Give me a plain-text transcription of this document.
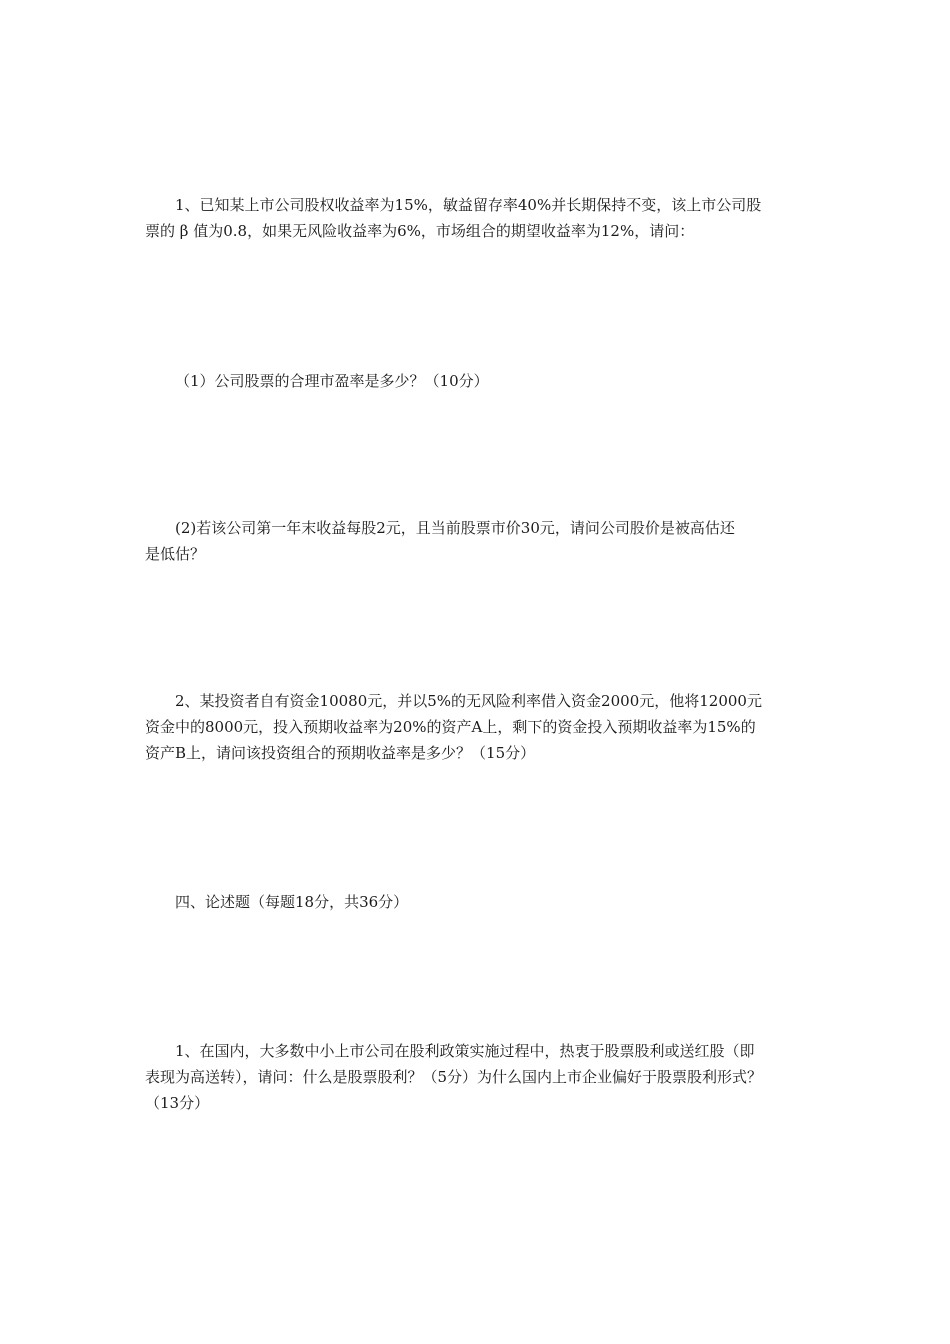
1、已知某上市公司股权收益率为15%，敏益留存率40%并长期保持不变，该上市公司股
票的 β 值为0.8，如果无风险收益率为6%，市场组合的期望收益率为12%，请问：
（1）公司股票的合理市盈率是多少？（10分）
(2)若该公司第一年末收益每股2元，且当前股票市价30元，请问公司股价是被高估还
是低估？
2、某投资者自有资金10080元，并以5%的无风险利率借入资金2000元，他将12000元
资金中的8000元，投入预期收益率为20%的资产A上，剩下的资金投入预期收益率为15%的
资产B上，请问该投资组合的预期收益率是多少？（15分）
四、论述题（每题18分，共36分）
1、在国内，大多数中小上市公司在股利政策实施过程中，热衷于股票股利或送红股（即
表现为高送转），请问：什么是股票股利？（5分）为什么国内上市企业偏好于股票股利形式？
（13分）
